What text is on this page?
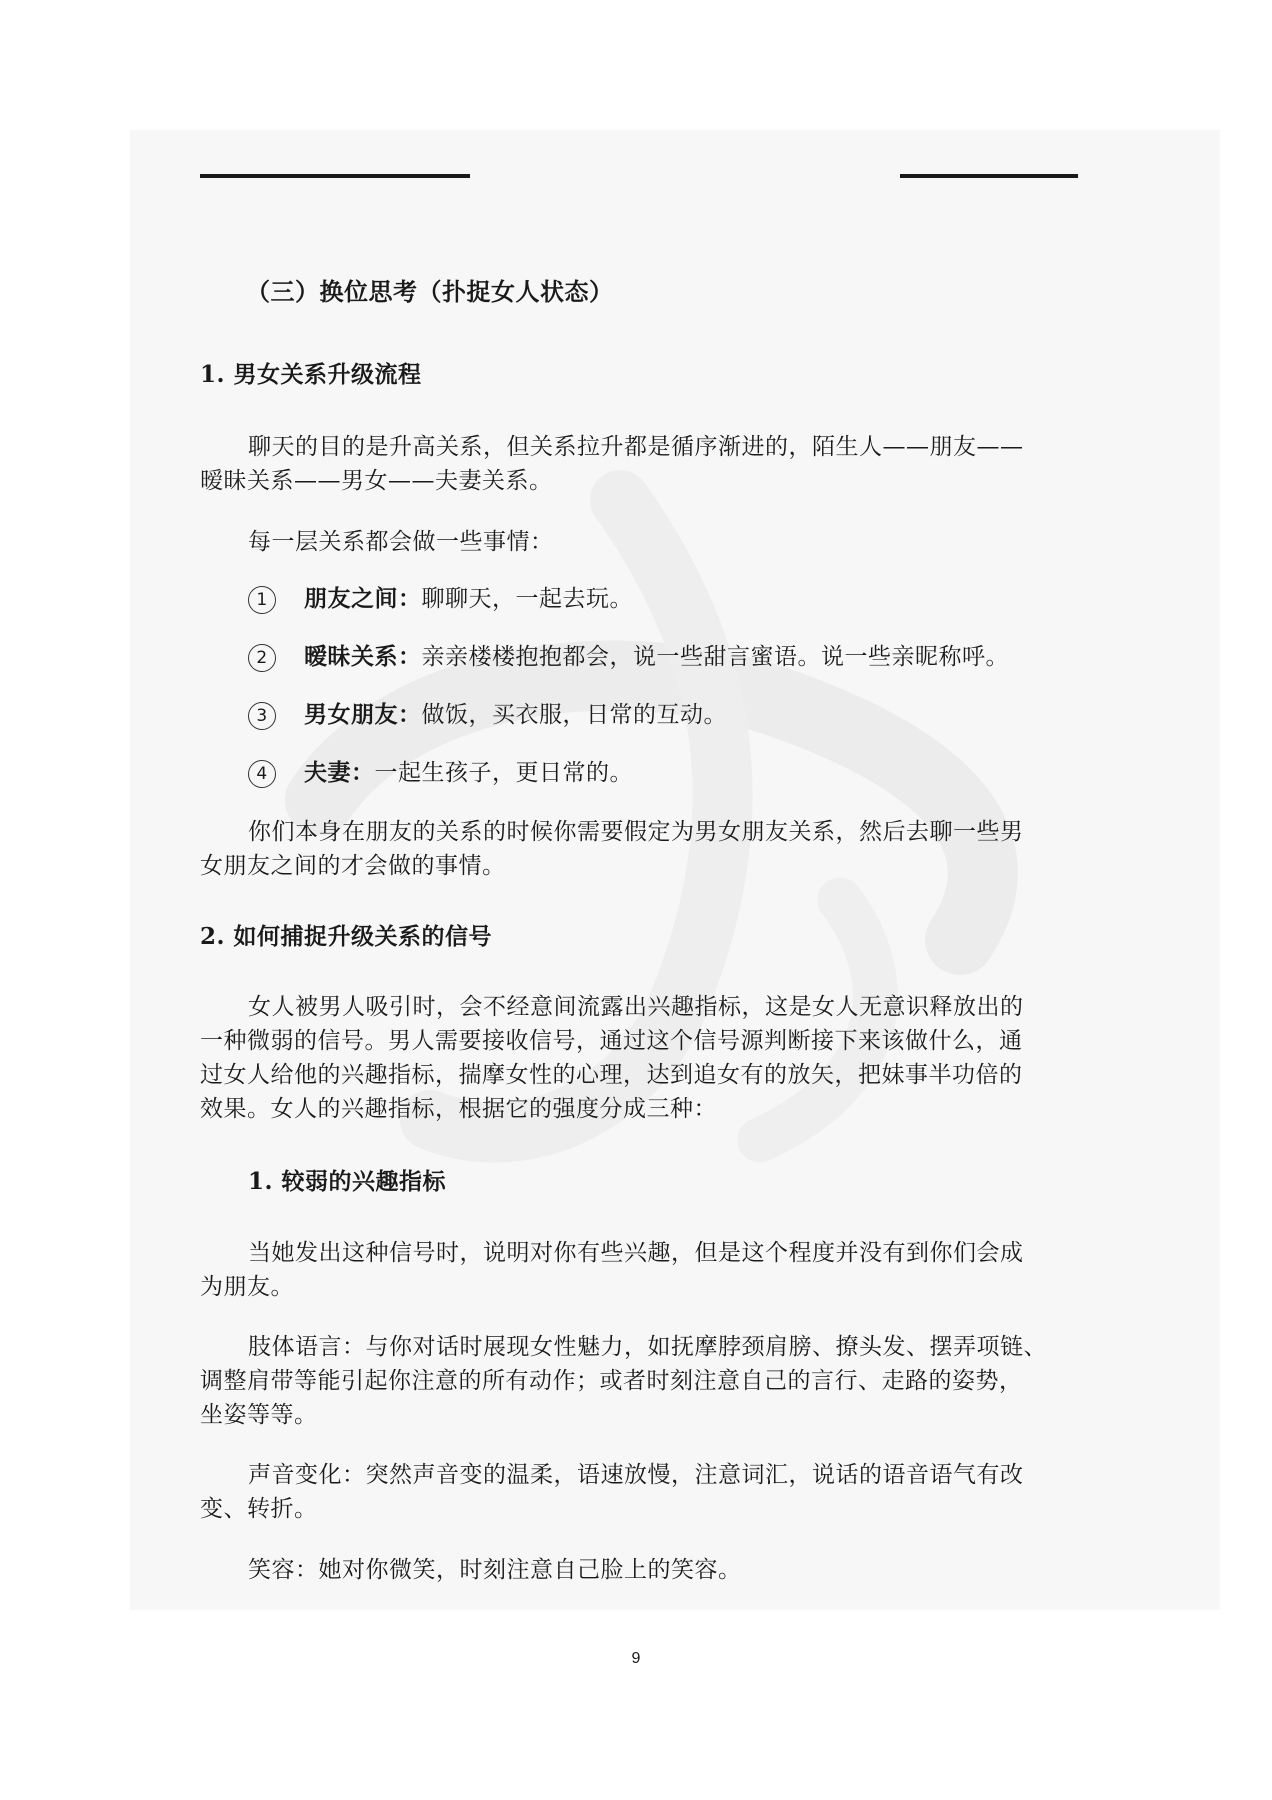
（三）换位思考（扑捉女人状态）
1. 男女关系升级流程
聊天的目的是升高关系，但关系拉升都是循序渐进的，陌生人——朋友——
暧昧关系——男女——夫妻关系。
每一层关系都会做一些事情：
1 朋友之间：聊聊天，一起去玩。
2 暧昧关系：亲亲楼楼抱抱都会，说一些甜言蜜语。说一些亲昵称呼。
3 男女朋友：做饭，买衣服，日常的互动。
4 夫妻：一起生孩子，更日常的。
你们本身在朋友的关系的时候你需要假定为男女朋友关系，然后去聊一些男
女朋友之间的才会做的事情。
2. 如何捕捉升级关系的信号
女人被男人吸引时，会不经意间流露出兴趣指标，这是女人无意识释放出的
一种微弱的信号。男人需要接收信号，通过这个信号源判断接下来该做什么，通
过女人给他的兴趣指标，揣摩女性的心理，达到追女有的放矢，把妹事半功倍的
效果。女人的兴趣指标，根据它的强度分成三种：
1. 较弱的兴趣指标
当她发出这种信号时，说明对你有些兴趣，但是这个程度并没有到你们会成
为朋友。
肢体语言：与你对话时展现女性魅力，如抚摩脖颈肩膀、撩头发、摆弄项链、
调整肩带等能引起你注意的所有动作；或者时刻注意自己的言行、走路的姿势，
坐姿等等。
声音变化：突然声音变的温柔，语速放慢，注意词汇，说话的语音语气有改
变、转折。
笑容：她对你微笑，时刻注意自己脸上的笑容。
9
